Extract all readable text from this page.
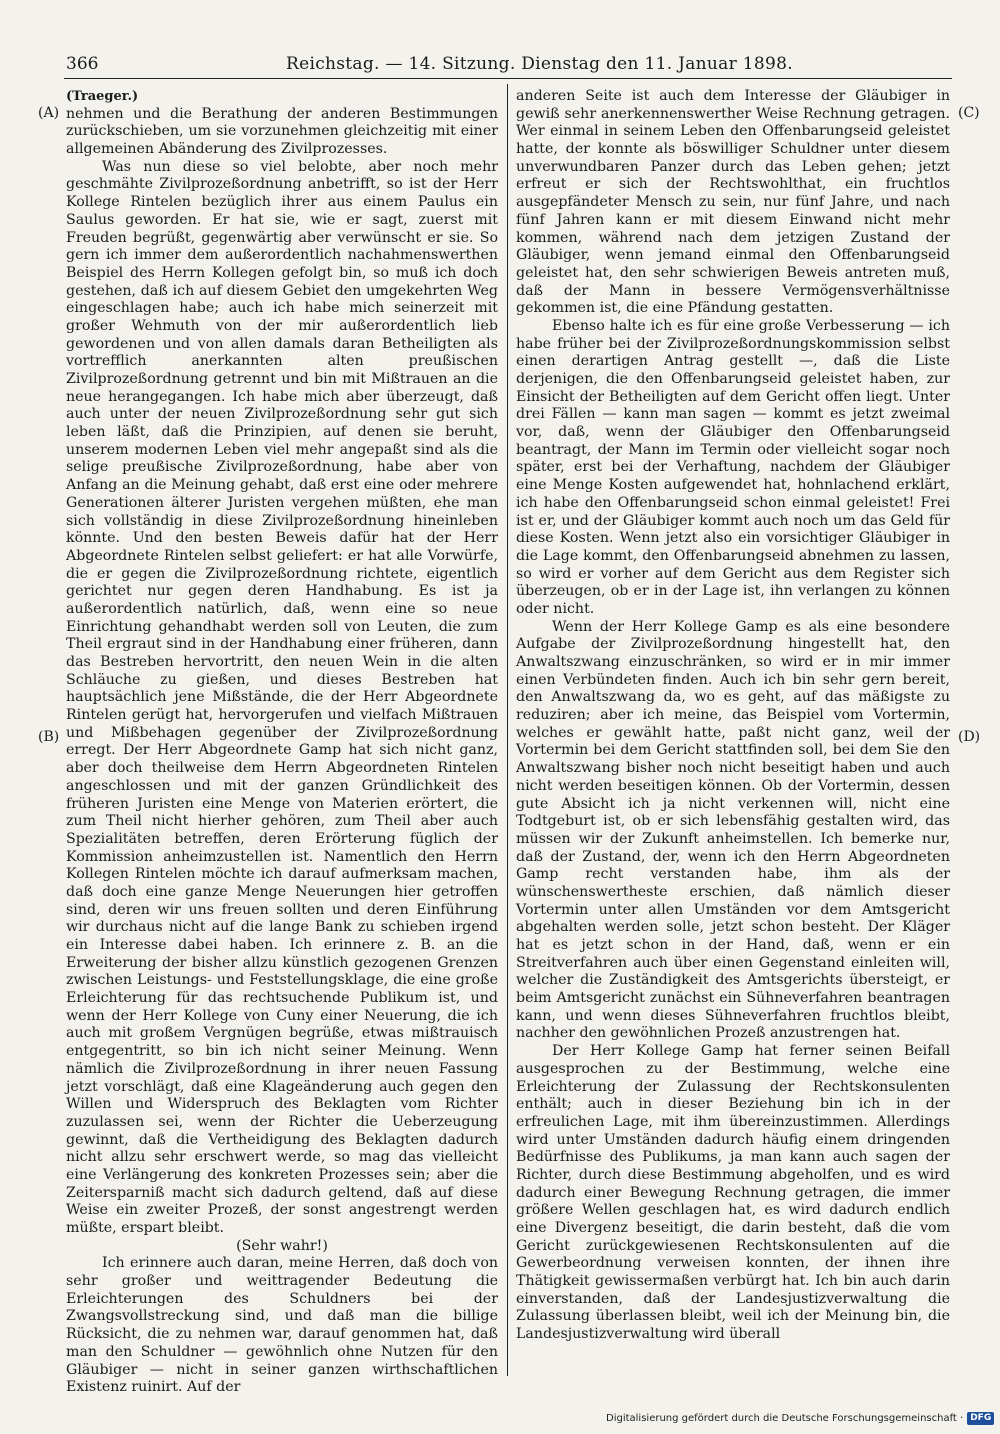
366	Reichstag. — 14. Sitzung. Dienstag den 11. Januar 1898.
(A)
(B)
(C)
(D)

(Traeger.)

nehmen und die Berathung der anderen Bestimmungen zurückschieben, um sie vorzunehmen gleichzeitig mit einer allgemeinen Abänderung des Zivilprozesses.

Was nun diese so viel belobte, aber noch mehr geschmähte Zivilprozeßordnung anbetrifft, so ist der Herr Kollege Rintelen bezüglich ihrer aus einem Paulus ein Saulus geworden. Er hat sie, wie er sagt, zuerst mit Freuden begrüßt, gegenwärtig aber verwünscht er sie. So gern ich immer dem außerordentlich nachahmenswerthen Beispiel des Herrn Kollegen gefolgt bin, so muß ich doch gestehen, daß ich auf diesem Gebiet den umgekehrten Weg eingeschlagen habe; auch ich habe mich seinerzeit mit großer Wehmuth von der mir außerordentlich lieb gewordenen und von allen damals daran Betheiligten als vortrefflich anerkannten alten preußischen Zivilprozeßordnung getrennt und bin mit Mißtrauen an die neue herangegangen. Ich habe mich aber überzeugt, daß auch unter der neuen Zivilprozeßordnung sehr gut sich leben läßt, daß die Prinzipien, auf denen sie beruht, unserem modernen Leben viel mehr angepaßt sind als die selige preußische Zivilprozeßordnung, habe aber von Anfang an die Meinung gehabt, daß erst eine oder mehrere Generationen älterer Juristen vergehen müßten, ehe man sich vollständig in diese Zivilprozeßordnung hineinleben könnte. Und den besten Beweis dafür hat der Herr Abgeordnete Rintelen selbst geliefert: er hat alle Vorwürfe, die er gegen die Zivilprozeßordnung richtete, eigentlich gerichtet nur gegen deren Handhabung. Es ist ja außerordentlich natürlich, daß, wenn eine so neue Einrichtung gehandhabt werden soll von Leuten, die zum Theil ergraut sind in der Handhabung einer früheren, dann das Bestreben hervortritt, den neuen Wein in die alten Schläuche zu gießen, und dieses Bestreben hat hauptsächlich jene Mißstände, die der Herr Abgeordnete Rintelen gerügt hat, hervorgerufen und vielfach Mißtrauen und Mißbehagen gegenüber der Zivilprozeßordnung erregt. Der Herr Abgeordnete Gamp hat sich nicht ganz, aber doch theilweise dem Herrn Abgeordneten Rintelen angeschlossen und mit der ganzen Gründlichkeit des früheren Juristen eine Menge von Materien erörtert, die zum Theil nicht hierher gehören, zum Theil aber auch Spezialitäten betreffen, deren Erörterung füglich der Kommission anheimzustellen ist. Namentlich den Herrn Kollegen Rintelen möchte ich darauf aufmerksam machen, daß doch eine ganze Menge Neuerungen hier getroffen sind, deren wir uns freuen sollten und deren Einführung wir durchaus nicht auf die lange Bank zu schieben irgend ein Interesse dabei haben. Ich erinnere z. B. an die Erweiterung der bisher allzu künstlich gezogenen Grenzen zwischen Leistungs- und Feststellungsklage, die eine große Erleichterung für das rechtsuchende Publikum ist, und wenn der Herr Kollege von Cuny einer Neuerung, die ich auch mit großem Vergnügen begrüße, etwas mißtrauisch entgegentritt, so bin ich nicht seiner Meinung. Wenn nämlich die Zivilprozeßordnung in ihrer neuen Fassung jetzt vorschlägt, daß eine Klageänderung auch gegen den Willen und Widerspruch des Beklagten vom Richter zuzulassen sei, wenn der Richter die Ueberzeugung gewinnt, daß die Vertheidigung des Beklagten dadurch nicht allzu sehr erschwert werde, so mag das vielleicht eine Verlängerung des konkreten Prozesses sein; aber die Zeitersparniß macht sich dadurch geltend, daß auf diese Weise ein zweiter Prozeß, der sonst angestrengt werden müßte, erspart bleibt.

(Sehr wahr!)

Ich erinnere auch daran, meine Herren, daß doch von sehr großer und weittragender Bedeutung die Erleichterungen des Schuldners bei der Zwangsvollstreckung sind, und daß man die billige Rücksicht, die zu nehmen war, darauf genommen hat, daß man den Schuldner — gewöhnlich ohne Nutzen für den Gläubiger — nicht in seiner ganzen wirthschaftlichen Existenz ruinirt. Auf der

anderen Seite ist auch dem Interesse der Gläubiger in gewiß sehr anerkennenswerther Weise Rechnung getragen. Wer einmal in seinem Leben den Offenbarungseid geleistet hatte, der konnte als böswilliger Schuldner unter diesem unverwundbaren Panzer durch das Leben gehen; jetzt erfreut er sich der Rechtswohlthat, ein fruchtlos ausgepfändeter Mensch zu sein, nur fünf Jahre, und nach fünf Jahren kann er mit diesem Einwand nicht mehr kommen, während nach dem jetzigen Zustand der Gläubiger, wenn jemand einmal den Offenbarungseid geleistet hat, den sehr schwierigen Beweis antreten muß, daß der Mann in bessere Vermögensverhältnisse gekommen ist, die eine Pfändung gestatten.

Ebenso halte ich es für eine große Verbesserung — ich habe früher bei der Zivilprozeßordnungskommission selbst einen derartigen Antrag gestellt —, daß die Liste derjenigen, die den Offenbarungseid geleistet haben, zur Einsicht der Betheiligten auf dem Gericht offen liegt. Unter drei Fällen — kann man sagen — kommt es jetzt zweimal vor, daß, wenn der Gläubiger den Offenbarungseid beantragt, der Mann im Termin oder vielleicht sogar noch später, erst bei der Verhaftung, nachdem der Gläubiger eine Menge Kosten aufgewendet hat, hohnlachend erklärt, ich habe den Offenbarungseid schon einmal geleistet! Frei ist er, und der Gläubiger kommt auch noch um das Geld für diese Kosten. Wenn jetzt also ein vorsichtiger Gläubiger in die Lage kommt, den Offenbarungseid abnehmen zu lassen, so wird er vorher auf dem Gericht aus dem Register sich überzeugen, ob er in der Lage ist, ihn verlangen zu können oder nicht.

Wenn der Herr Kollege Gamp es als eine besondere Aufgabe der Zivilprozeßordnung hingestellt hat, den Anwaltszwang einzuschränken, so wird er in mir immer einen Verbündeten finden. Auch ich bin sehr gern bereit, den Anwaltszwang da, wo es geht, auf das mäßigste zu reduziren; aber ich meine, das Beispiel vom Vortermin, welches er gewählt hatte, paßt nicht ganz, weil der Vortermin bei dem Gericht stattfinden soll, bei dem Sie den Anwaltszwang bisher noch nicht beseitigt haben und auch nicht werden beseitigen können. Ob der Vortermin, dessen gute Absicht ich ja nicht verkennen will, nicht eine Todtgeburt ist, ob er sich lebensfähig gestalten wird, das müssen wir der Zukunft anheimstellen. Ich bemerke nur, daß der Zustand, der, wenn ich den Herrn Abgeordneten Gamp recht verstanden habe, ihm als der wünschenswertheste erschien, daß nämlich dieser Vortermin unter allen Umständen vor dem Amtsgericht abgehalten werden solle, jetzt schon besteht. Der Kläger hat es jetzt schon in der Hand, daß, wenn er ein Streitverfahren auch über einen Gegenstand einleiten will, welcher die Zuständigkeit des Amtsgerichts übersteigt, er beim Amtsgericht zunächst ein Sühneverfahren beantragen kann, und wenn dieses Sühneverfahren fruchtlos bleibt, nachher den gewöhnlichen Prozeß anzustrengen hat.

Der Herr Kollege Gamp hat ferner seinen Beifall ausgesprochen zu der Bestimmung, welche eine Erleichterung der Zulassung der Rechtskonsulenten enthält; auch in dieser Beziehung bin ich in der erfreulichen Lage, mit ihm übereinzustimmen. Allerdings wird unter Umständen dadurch häufig einem dringenden Bedürfnisse des Publikums, ja man kann auch sagen der Richter, durch diese Bestimmung abgeholfen, und es wird dadurch einer Bewegung Rechnung getragen, die immer größere Wellen geschlagen hat, es wird dadurch endlich eine Divergenz beseitigt, die darin besteht, daß die vom Gericht zurückgewiesenen Rechtskonsulenten auf die Gewerbeordnung verweisen konnten, der ihnen ihre Thätigkeit gewissermaßen verbürgt hat. Ich bin auch darin einverstanden, daß der Landesjustizverwaltung die Zulassung überlassen bleibt, weil ich der Meinung bin, die Landesjustizverwaltung wird überall

Digitalisierung gefördert durch die Deutsche Forschungsgemeinschaft · DFG
